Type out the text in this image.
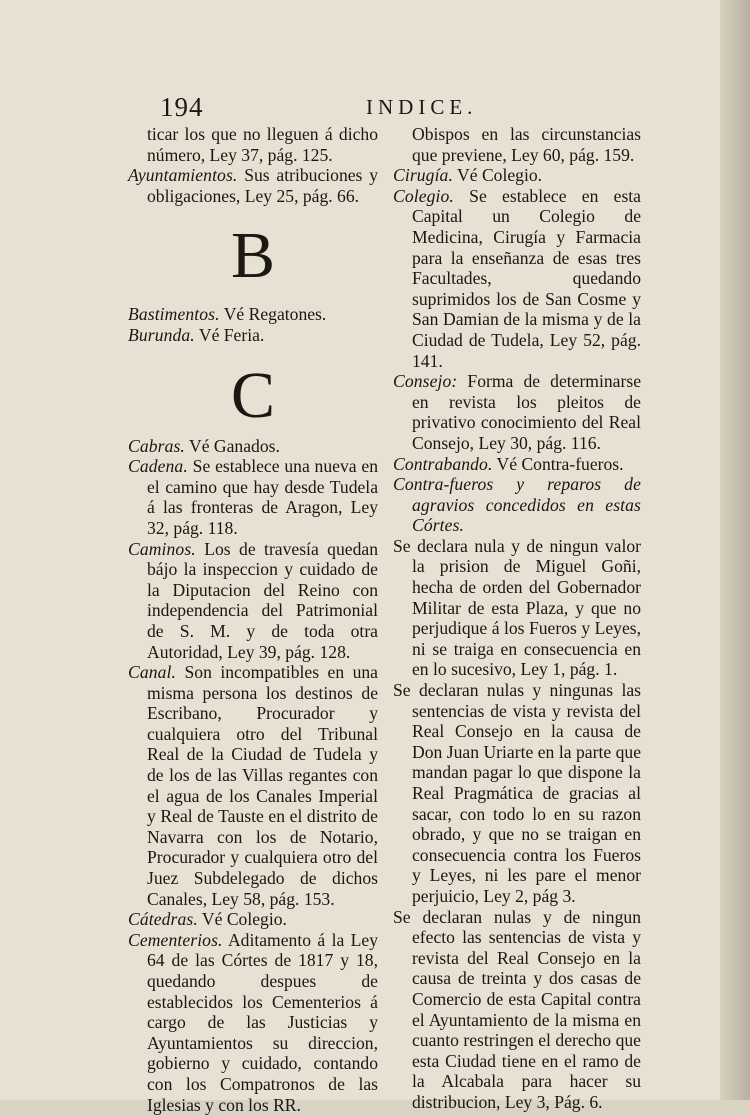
194	INDICE.

ticar los que no lleguen á dicho número, Ley 37, pág. 125.

Ayuntamientos. Sus atribuciones y obligaciones, Ley 25, pág. 66.

B

Bastimentos. Vé Regatones.

Burunda. Vé Feria.

C

Cabras. Vé Ganados.

Cadena. Se establece una nueva en el camino que hay desde Tudela á las fronteras de Aragon, Ley 32, pág. 118.

Caminos. Los de travesía quedan bájo la inspeccion y cuidado de la Diputacion del Reino con independencia del Patrimonial de S. M. y de toda otra Autoridad, Ley 39, pág. 128.

Canal. Son incompatibles en una misma persona los destinos de Escribano, Procurador y cualquiera otro del Tribunal Real de la Ciudad de Tudela y de los de las Villas regantes con el agua de los Canales Imperial y Real de Tauste en el distrito de Navarra con los de Notario, Procurador y cualquiera otro del Juez Subdelegado de dichos Canales, Ley 58, pág. 153.

Cátedras. Vé Colegio.

Cementerios. Aditamento á la Ley 64 de las Córtes de 1817 y 18, quedando despues de establecidos los Cementerios á cargo de las Justicias y Ayuntamientos su direccion, gobierno y cuidado, contando con los Compatronos de las Iglesias y con los RR.

Obispos en las circunstancias que previene, Ley 60, pág. 159.

Cirugía. Vé Colegio.

Colegio. Se establece en esta Capital un Colegio de Medicina, Cirugía y Farmacia para la enseñanza de esas tres Facultades, quedando suprimidos los de San Cosme y San Damian de la misma y de la Ciudad de Tudela, Ley 52, pág. 141.

Consejo: Forma de determinarse en revista los pleitos de privativo conocimiento del Real Consejo, Ley 30, pág. 116.

Contrabando. Vé Contra-fueros.

Contra-fueros y reparos de agravios concedidos en estas Córtes.

Se declara nula y de ningun valor la prision de Miguel Goñi, hecha de orden del Gobernador Militar de esta Plaza, y que no perjudique á los Fueros y Leyes, ni se traiga en consecuencia en en lo sucesivo, Ley 1, pág. 1.

Se declaran nulas y ningunas las sentencias de vista y revista del Real Consejo en la causa de Don Juan Uriarte en la parte que mandan pagar lo que dispone la Real Pragmática de gracias al sacar, con todo lo en su razon obrado, y que no se traigan en consecuencia contra los Fueros y Leyes, ni les pare el menor perjuicio, Ley 2, pág 3.

Se declaran nulas y de ningun efecto las sentencias de vista y revista del Real Consejo en la causa de treinta y dos casas de Comercio de esta Capital contra el Ayuntamiento de la misma en cuanto restringen el derecho que esta Ciudad tiene en el ramo de la Alcabala para hacer su distribucion, Ley 3, Pág. 6.
